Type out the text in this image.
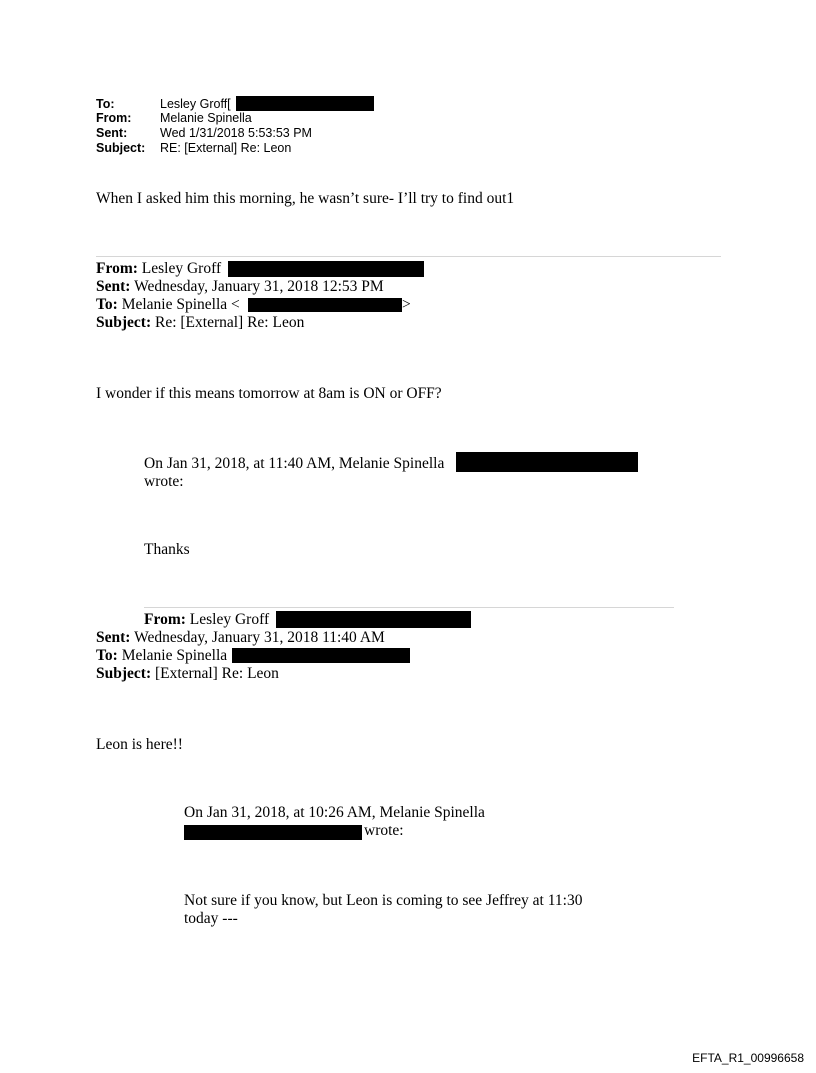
To:	Lesley Groff[
From: Melanie Spinella
Sent:	Wed 1/31/2018 5:53:53 PM
Subject: RE: [External] Re: Leon
When I asked him this morning, he wasn’t sure- I’ll try to find out1
From: Lesley Groff
Sent: Wednesday, January 31, 2018 12:53 PM
To: Melanie Spinella <	>
Subject: Re: [External] Re: Leon
I wonder if this means tomorrow at 8am is ON or OFF?
On Jan 31, 2018, at 11:40 AM, Melanie Spinella
wrote:
Thanks
From: Lesley Groff
Sent: Wednesday, January 31, 2018 11:40 AM
To: Melanie Spinella
Subject: [External] Re: Leon
Leon is here!!
On Jan 31, 2018, at 10:26 AM, Melanie Spinella
wrote:
Not sure if you know, but Leon is coming to see Jeffrey at 11:30
today ---
EFTA_R1_00996658
